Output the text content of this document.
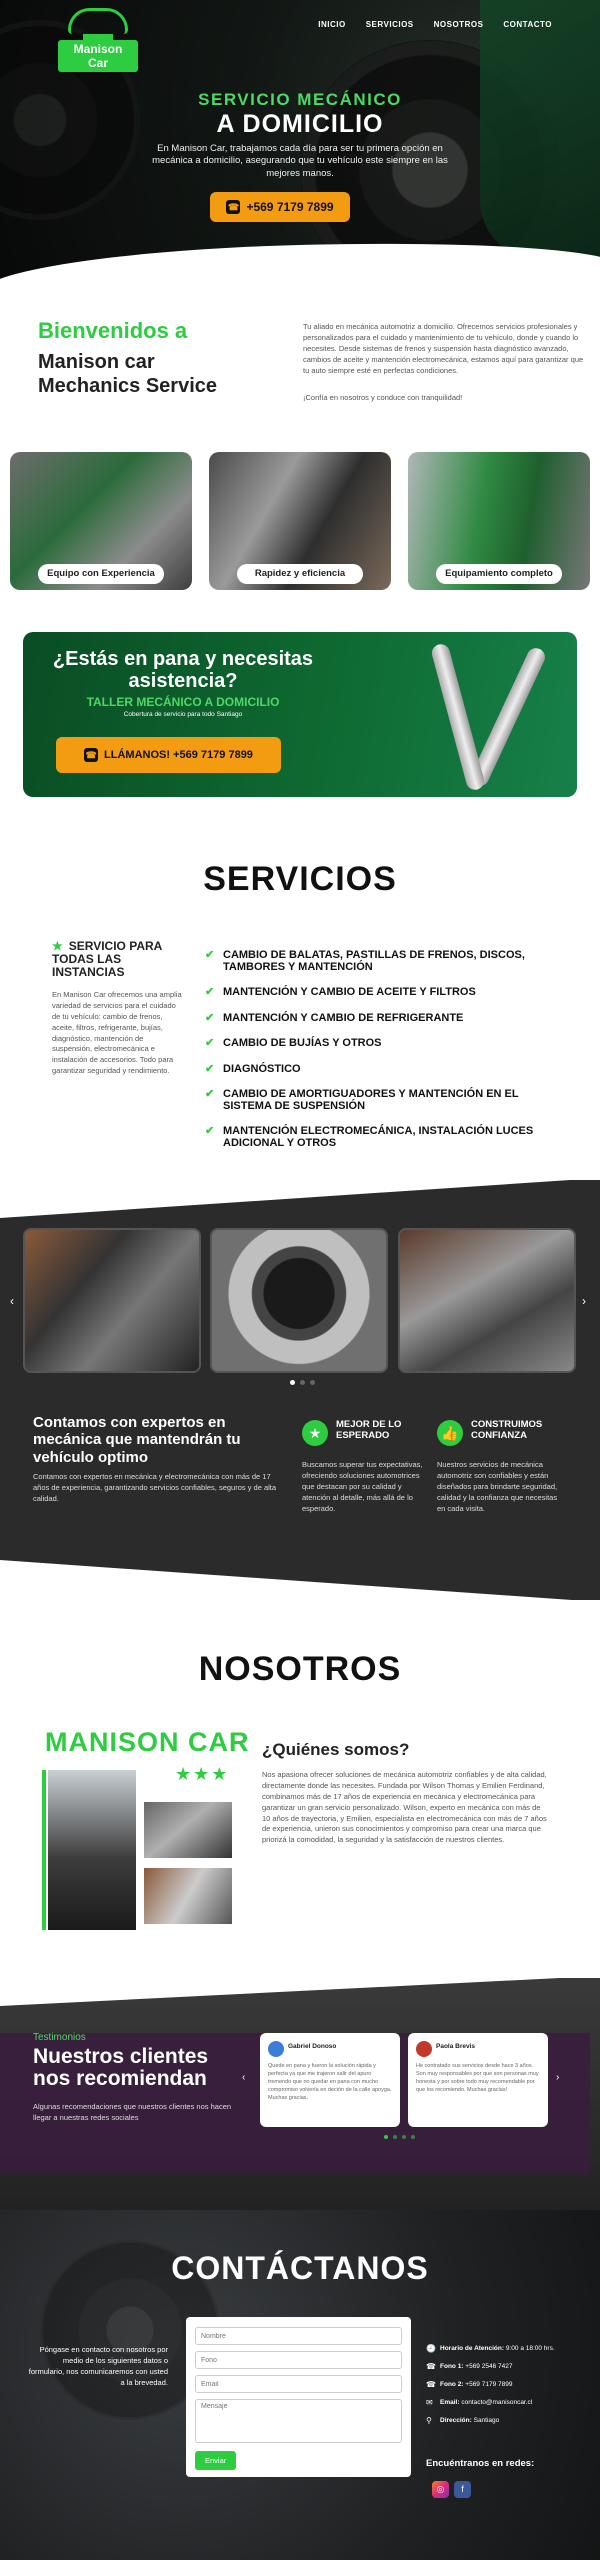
Manison Car
INICIO	SERVICIOS	NOSOTROS	CONTACTO
SERVICIO MECÁNICO
A DOMICILIO
En Manison Car, trabajamos cada día para ser tu primera opción en mecánica a domicilio, asegurando que tu vehículo este siempre en las mejores manos.
☎ +569 7179 7899
Bienvenidos a
Manison car Mechanics Service

Tu aliado en mecánica automotriz a domicilio. Ofrecemos servicios profesionales y personalizados para el cuidado y mantenimiento de tu vehículo, donde y cuando lo necesites. Desde sistemas de frenos y suspensión hasta diagnóstico avanzado, cambios de aceite y mantención electromecánica, estamos aquí para garantizar que tu auto siempre esté en perfectas condiciones.

¡Confía en nosotros y conduce con tranquilidad!

Equipo con Experiencia	Rapidez y eficiencia	Equipamiento completo
¿Estás en pana y necesitas asistencia?
TALLER MECÁNICO A DOMICILIO
Cobertura de servicio para todo Santiago
☎ LLÁMANOS! +569 7179 7899
SERVICIOS
★ SERVICIO PARA TODAS LAS INSTANCIAS

En Manison Car ofrecemos una amplia variedad de servicios para el cuidado de tu vehículo: cambio de frenos, aceite, filtros, refrigerante, bujías, diagnóstico, mantención de suspensión, electromecánica e instalación de accesorios. Todo para garantizar seguridad y rendimiento.

✔ CAMBIO DE BALATAS, PASTILLAS DE FRENOS, DISCOS, TAMBORES Y MANTENCIÓN
✔ MANTENCIÓN Y CAMBIO DE ACEITE Y FILTROS
✔ MANTENCIÓN Y CAMBIO DE REFRIGERANTE
✔ CAMBIO DE BUJÍAS Y OTROS
✔ DIAGNÓSTICO
✔ CAMBIO DE AMORTIGUADORES Y MANTENCIÓN EN EL SISTEMA DE SUSPENSIÓN
✔ MANTENCIÓN ELECTROMECÁNICA, INSTALACIÓN LUCES ADICIONAL Y OTROS
‹	›
Contamos con expertos en mecánica que mantendrán tu vehículo optimo
Contamos con expertos en mecánica y electromecánica con más de 17 años de experiencia, garantizando servicios confiables, seguros y de alta calidad.
★
MEJOR DE LO ESPERADO
Buscamos superar tus expectativas, ofreciendo soluciones automotrices que destacan por su calidad y atención al detalle, más allá de lo esperado.
👍
CONSTRUIMOS CONFIANZA
Nuestros servicios de mecánica automotriz son confiables y están diseñados para brindarte seguridad, calidad y la confianza que necesitas en cada visita.
NOSOTROS
MANISON CAR
★★★
¿Quiénes somos?

Nos apasiona ofrecer soluciones de mecánica automotriz confiables y de alta calidad, directamente donde las necesites. Fundada por Wilson Thomas y Emilien Ferdinand, combinamos más de 17 años de experiencia en mecánica y electromecánica para garantizar un gran servicio personalizado. Wilson, experto en mecánica con más de 10 años de trayectoria, y Emilien, especialista en electromecánica con más de 7 años de experiencia, unieron sus conocimientos y compromiso para crear una marca que priorizá la comodidad, la seguridad y la satisfacción de nuestros clientes.

Testimonios
Nuestros clientes nos recomiendan
Algunas recomendaciones que nuestros clientes nos hacen llegar a nuestras redes sociales
‹	›
Gabriel Donoso
Quede en pana y fueron la solución rápida y perfecta ya que me trajeron salir del apuro tremendo que no quedar en pana con mucho compromiso volvería en deción de la calle apoyga. Muchas gracias.
Paola Brevis
He contratado sus servicios desde hace 3 años. Son muy responsables por que son personas muy honesta y por sobre todo muy recomendable por que los recomiendo. Muchas gracias!
CONTÁCTANOS

Póngase en contacto con nosotros por medio de los siguientes datos o formulario, nos comunicaremos con usted a la brevedad.

Nombre
Fono
Email
Mensaje Enviar
🕘 Horario de Atención: 9:00 a 18:00 hrs.
☎ Fono 1: +569 2546 7427
☎ Fono 2: +569 7179 7899
✉ Email: contacto@manisoncar.cl
⚲ Dirección: Santiago
Encuéntranos en redes:
◎	f
